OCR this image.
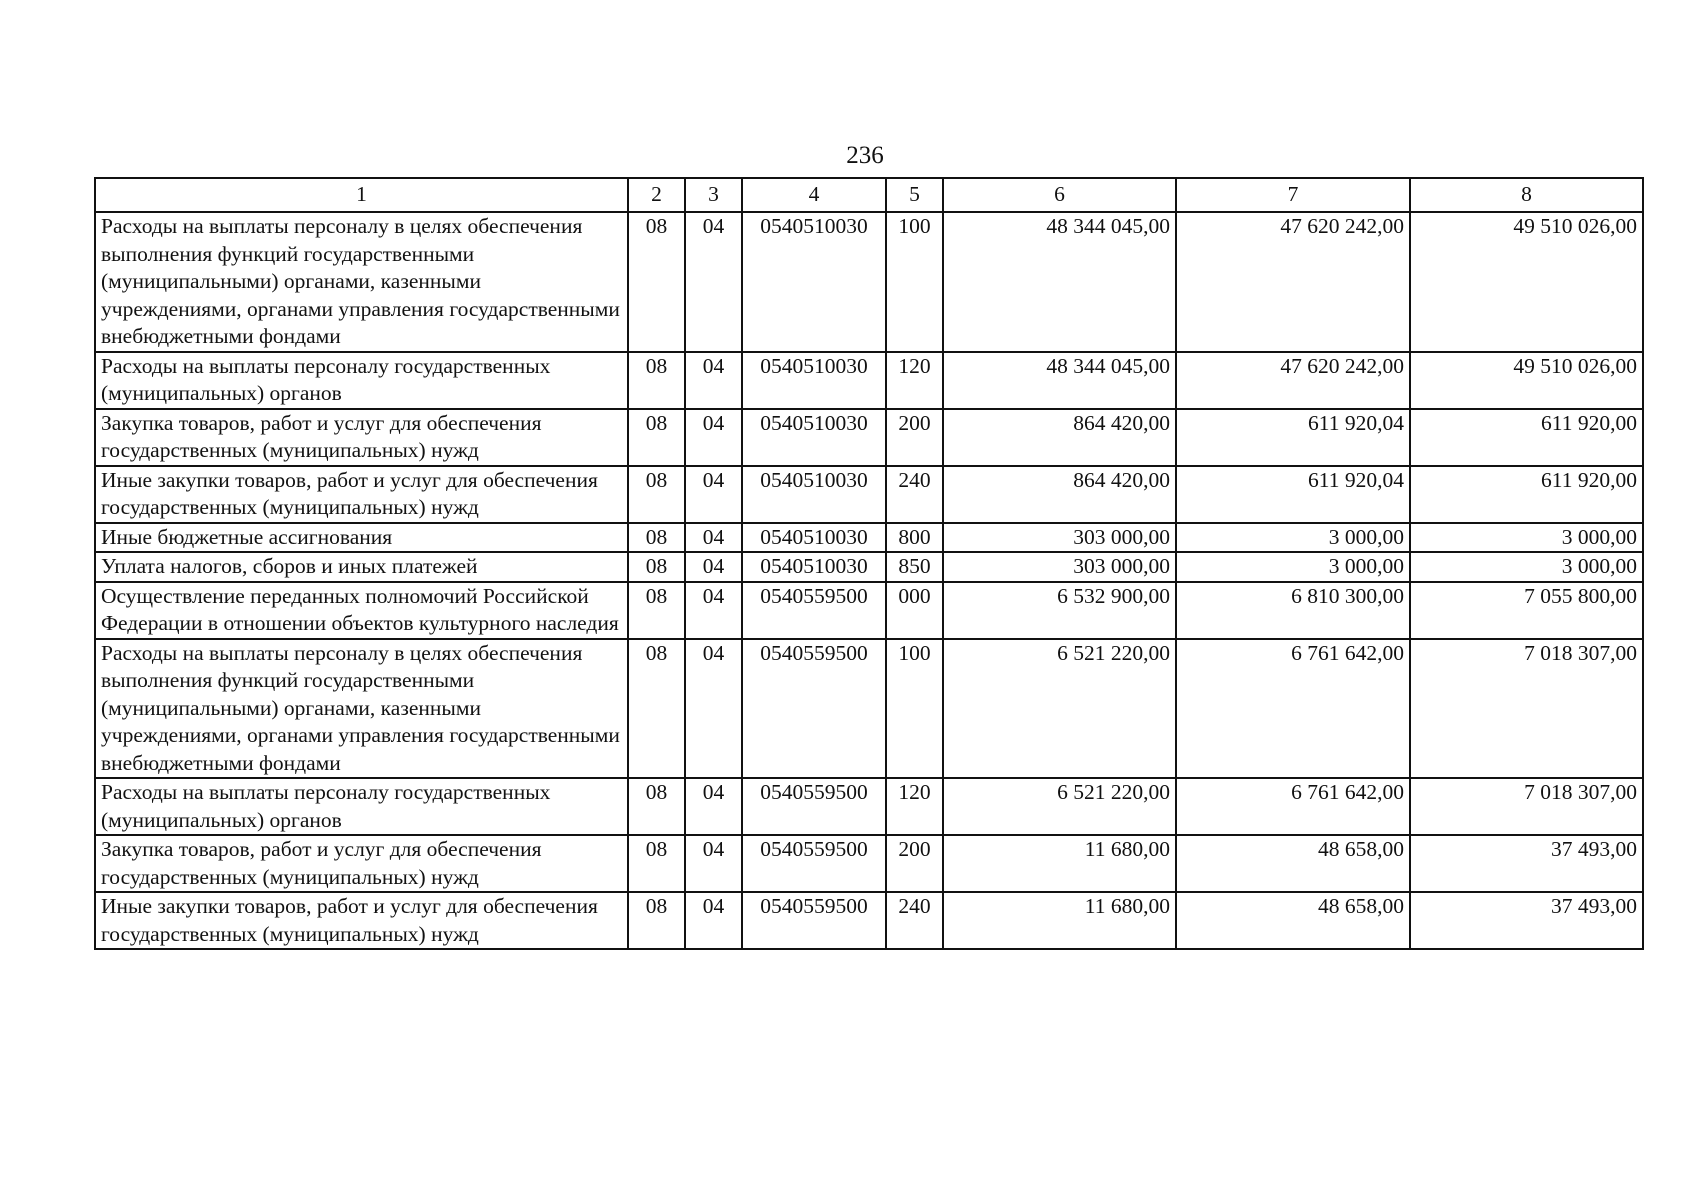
236
1	2	3	4	5	6	7	8
Расходы на выплаты персоналу в целях обеспечения выполнения функций государственными (муниципальными) органами, казенными учреждениями, органами управления государственными внебюджетными фондами	08	04	0540510030	100	48 344 045,00	47 620 242,00	49 510 026,00
Расходы на выплаты персоналу государственных (муниципальных) органов	08	04	0540510030	120	48 344 045,00	47 620 242,00	49 510 026,00
Закупка товаров, работ и услуг для обеспечения государственных (муниципальных) нужд	08	04	0540510030	200	864 420,00	611 920,04	611 920,00
Иные закупки товаров, работ и услуг для обеспечения государственных (муниципальных) нужд	08	04	0540510030	240	864 420,00	611 920,04	611 920,00
Иные бюджетные ассигнования	08	04	0540510030	800	303 000,00	3 000,00	3 000,00
Уплата налогов, сборов и иных платежей	08	04	0540510030	850	303 000,00	3 000,00	3 000,00
Осуществление переданных полномочий Российской Федерации в отношении объектов культурного наследия	08	04	0540559500	000	6 532 900,00	6 810 300,00	7 055 800,00
Расходы на выплаты персоналу в целях обеспечения выполнения функций государственными (муниципальными) органами, казенными учреждениями, органами управления государственными внебюджетными фондами	08	04	0540559500	100	6 521 220,00	6 761 642,00	7 018 307,00
Расходы на выплаты персоналу государственных (муниципальных) органов	08	04	0540559500	120	6 521 220,00	6 761 642,00	7 018 307,00
Закупка товаров, работ и услуг для обеспечения государственных (муниципальных) нужд	08	04	0540559500	200	11 680,00	48 658,00	37 493,00
Иные закупки товаров, работ и услуг для обеспечения государственных (муниципальных) нужд	08	04	0540559500	240	11 680,00	48 658,00	37 493,00
